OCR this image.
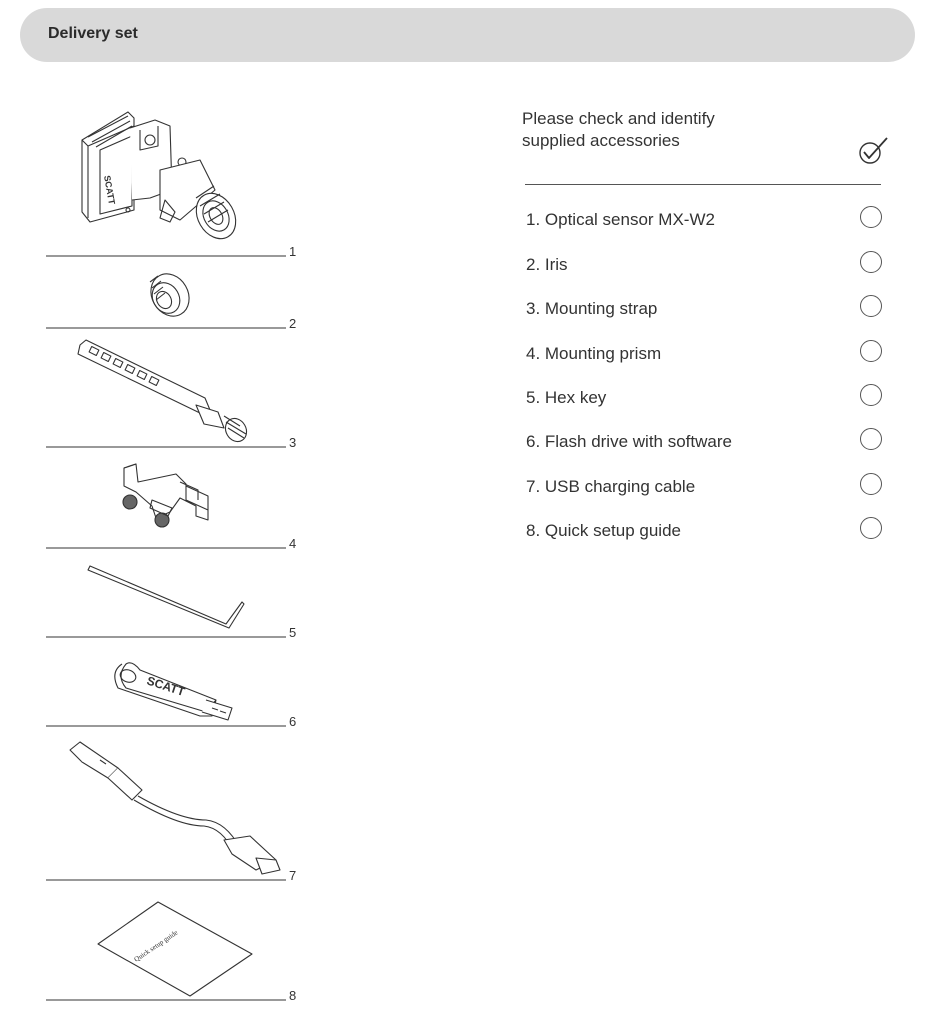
Delivery set
SCATT
SCATT
Quick setup guide
1
2
3
4
5
6
7
8
Please check and identify supplied accessories
1. Optical sensor MX-W2
2. Iris
3. Mounting strap
4. Mounting prism
5. Hex key
6. Flash drive with software
7. USB charging cable
8. Quick setup guide
